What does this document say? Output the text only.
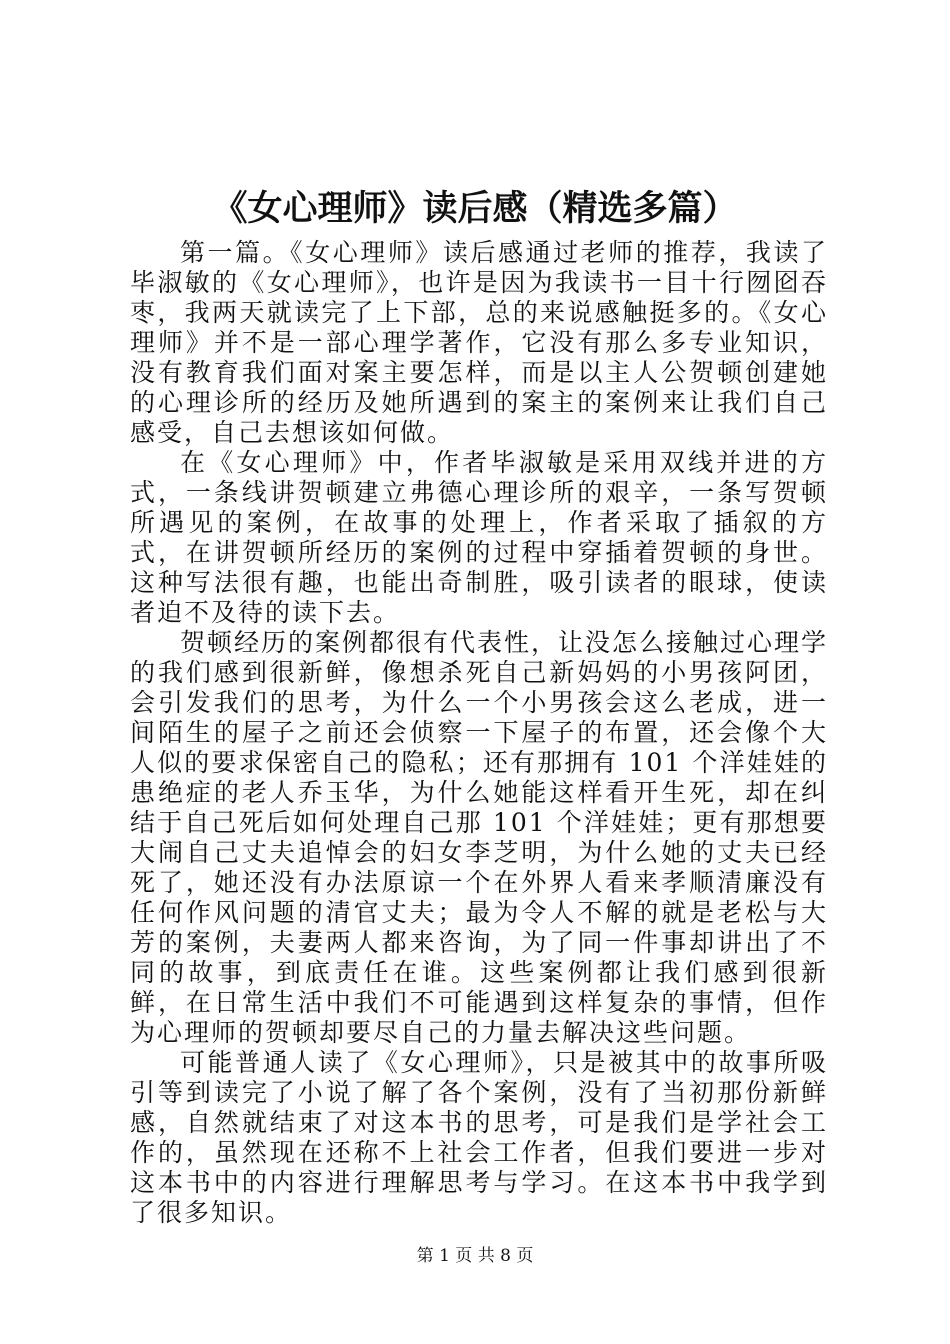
《女心理师》读后感（精选多篇）

第一篇。《女心理师》读后感通过老师的推荐，我读了毕淑敏的《女心理师》，也许是因为我读书一目十行囫囵吞枣，我两天就读完了上下部，总的来说感触挺多的。《女心理师》并不是一部心理学著作，它没有那么多专业知识，没有教育我们面对案主要怎样，而是以主人公贺顿创建她的心理诊所的经历及她所遇到的案主的案例来让我们自己感受，自己去想该如何做。

在《女心理师》中，作者毕淑敏是采用双线并进的方式，一条线讲贺顿建立弗德心理诊所的艰辛，一条写贺顿所遇见的案例，在故事的处理上，作者采取了插叙的方式，在讲贺顿所经历的案例的过程中穿插着贺顿的身世。这种写法很有趣，也能出奇制胜，吸引读者的眼球，使读者迫不及待的读下去。

贺顿经历的案例都很有代表性，让没怎么接触过心理学的我们感到很新鲜，像想杀死自己新妈妈的小男孩阿团，会引发我们的思考，为什么一个小男孩会这么老成，进一间陌生的屋子之前还会侦察一下屋子的布置，还会像个大人似的要求保密自己的隐私；还有那拥有 101 个洋娃娃的患绝症的老人乔玉华，为什么她能这样看开生死，却在纠结于自己死后如何处理自己那 101 个洋娃娃；更有那想要大闹自己丈夫追悼会的妇女李芝明，为什么她的丈夫已经死了，她还没有办法原谅一个在外界人看来孝顺清廉没有任何作风问题的清官丈夫；最为令人不解的就是老松与大芳的案例，夫妻两人都来咨询，为了同一件事却讲出了不同的故事，到底责任在谁。这些案例都让我们感到很新鲜，在日常生活中我们不可能遇到这样复杂的事情，但作为心理师的贺顿却要尽自己的力量去解决这些问题。

可能普通人读了《女心理师》，只是被其中的故事所吸引等到读完了小说了解了各个案例，没有了当初那份新鲜感，自然就结束了对这本书的思考，可是我们是学社会工作的，虽然现在还称不上社会工作者，但我们要进一步对这本书中的内容进行理解思考与学习。在这本书中我学到了很多知识。

第 1 页 共 8 页
